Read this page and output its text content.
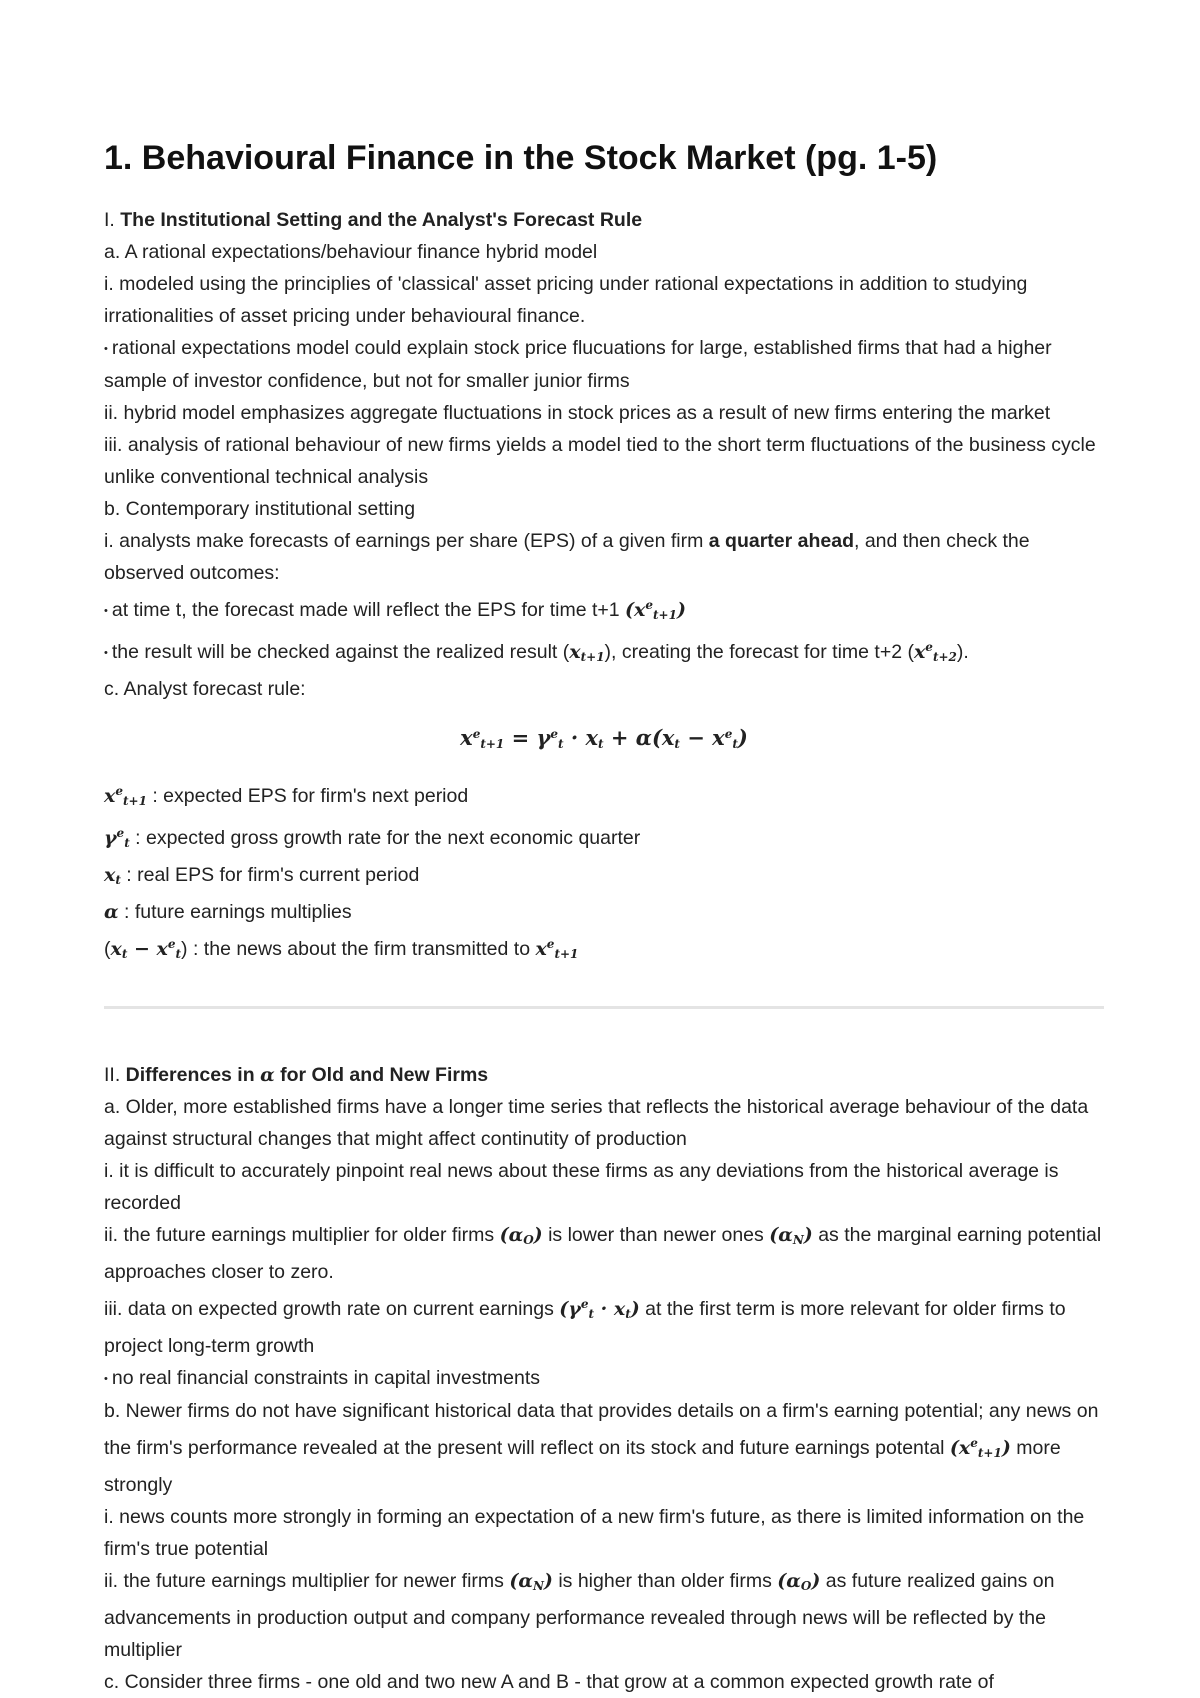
1. Behavioural Finance in the Stock Market (pg. 1-5)

I. The Institutional Setting and the Analyst's Forecast Rule

a. A rational expectations/behaviour finance hybrid model

i. modeled using the principlies of 'classical' asset pricing under rational expectations in addition to studying irrationalities of asset pricing under behavioural finance.

• rational expectations model could explain stock price flucuations for large, established firms that had a higher sample of investor confidence, but not for smaller junior firms

ii. hybrid model emphasizes aggregate fluctuations in stock prices as a result of new firms entering the market

iii. analysis of rational behaviour of new firms yields a model tied to the short term fluctuations of the business cycle unlike conventional technical analysis

b. Contemporary institutional setting

i. analysts make forecasts of earnings per share (EPS) of a given firm a quarter ahead, and then check the observed outcomes:

• at time t, the forecast made will reflect the EPS for time t+1 $(x^e_{t+1})$

• the result will be checked against the realized result $(x_{t+1})$, creating the forecast for time t+2 $(x^e_{t+2})$.

c. Analyst forecast rule:

$x^e_{t+1} = \gamma^e_t \cdot x_t + \alpha(x_t - x^e_t)$

$x^e_{t+1}$ : expected EPS for firm's next period

$\gamma^e_t$ : expected gross growth rate for the next economic quarter

$x_t$ : real EPS for firm's current period

α : future earnings multiplies

$(x_t - x^e_t)$ : the news about the firm transmitted to $x^e_{t+1}$

II. Differences in α for Old and New Firms

a. Older, more established firms have a longer time series that reflects the historical average behaviour of the data against structural changes that might affect continutity of production

i. it is difficult to accurately pinpoint real news about these firms as any deviations from the historical average is recorded

ii. the future earnings multiplier for older firms $(\alpha_O)$ is lower than newer ones $(\alpha_N)$ as the marginal earning potential approaches closer to zero.

iii. data on expected growth rate on current earnings $(\gamma^e_t \cdot x_t)$ at the first term is more relevant for older firms to project long-term growth

• no real financial constraints in capital investments

b. Newer firms do not have significant historical data that provides details on a firm's earning potential; any news on the firm's performance revealed at the present will reflect on its stock and future earnings potental $(x^e_{t+1})$ more strongly

i. news counts more strongly in forming an expectation of a new firm's future, as there is limited information on the firm's true potential

ii. the future earnings multiplier for newer firms $(\alpha_N)$ is higher than older firms $(\alpha_O)$ as future realized gains on advancements in production output and company performance revealed through news will be reflected by the multiplier

c. Consider three firms - one old and two new A and B - that grow at a common expected growth rate of
